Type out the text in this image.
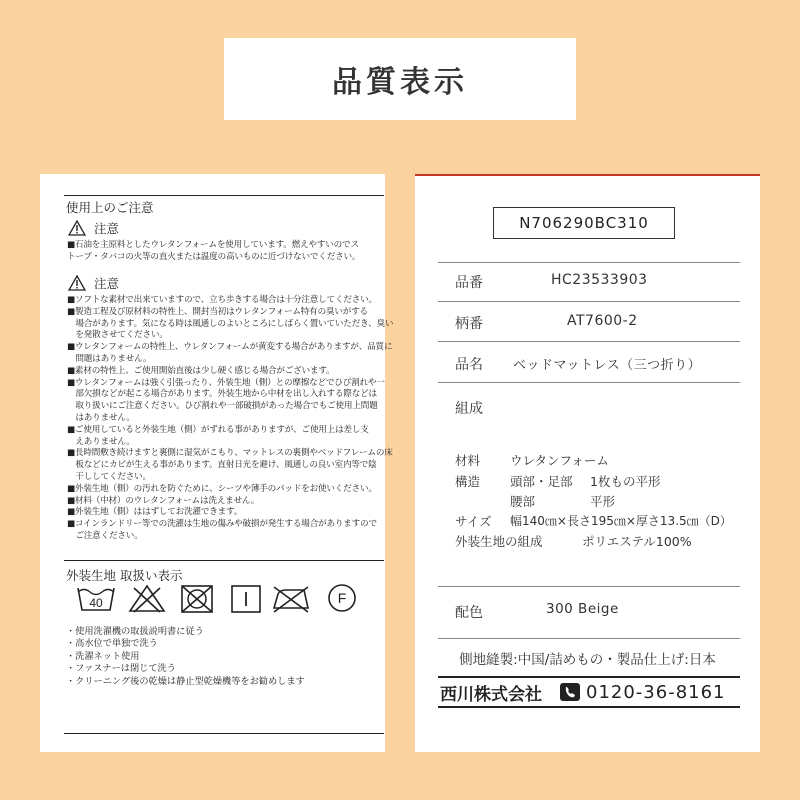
品質表示
使用上のご注意
注意
■石油を主原料としたウレタンフォームを使用しています。燃えやすいのでス
トーブ・タバコの火等の直火または温度の高いものに近づけないでください。
注意
■ソフトな素材で出来ていますので、立ち歩きする場合は十分注意してください。
■製造工程及び原材料の特性上、開封当初はウレタンフォーム特有の臭いがする
　場合があります。気になる時は風通しのよいところにしばらく置いていただき、臭い
　を発散させてください。
■ウレタンフォームの特性上、ウレタンフォームが黄変する場合がありますが、品質に
　問題はありません。
■素材の特性上、ご使用開始直後は少し硬く感じる場合がございます。
■ウレタンフォームは強く引張ったり、外装生地（側）との摩擦などでひび割れや一
　部欠損などが起こる場合があります。外装生地から中材を出し入れする際などは
　取り扱いにご注意ください。ひび割れや一部破損があった場合でもご使用上問題
　はありません。
■ご使用していると外装生地（側）がずれる事がありますが、ご使用上は差し支
　えありません。
■長時間敷き続けますと裏側に湿気がこもり、マットレスの裏側やベッドフレームの床
　板などにカビが生える事があります。直射日光を避け、風通しの良い室内等で陰
　干ししてください。
■外装生地（側）の汚れを防ぐために、シーツや薄手のパッドをお使いください。
■材料（中材）のウレタンフォームは洗えません。
■外装生地（側）ははずしてお洗濯できます。
■コインランドリー等での洗濯は生地の傷みや破損が発生する場合がありますので
　ご注意ください。
外装生地 取扱い表示
40	F
・使用洗濯機の取扱説明書に従う
・高水位で単独で洗う
・洗濯ネット使用
・ファスナーは閉じて洗う
・クリーニング後の乾燥は静止型乾燥機等をお勧めします
N706290BC310
品番	HC23533903
柄番	AT7600-2
品名 ベッドマットレス（三つ折り）
組成
材料 ウレタンフォーム
構造 頭部・足部 1枚もの平形
腰部	平形
サイズ 幅140㎝×長さ195㎝×厚さ13.5㎝（D）
外装生地の組成	ポリエステル100%
配色	300 Beige
側地縫製:中国/詰めもの・製品仕上げ:日本
西川株式会社 0120-36-8161
